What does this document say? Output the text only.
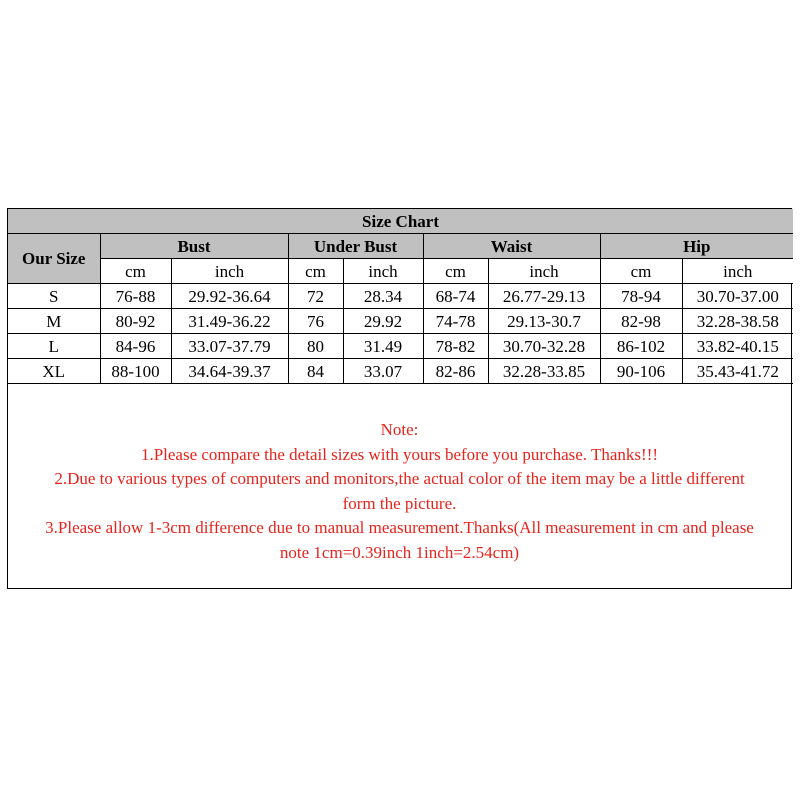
Size Chart								
Our Size	Bust		Under Bust		Waist		Hip	
	cm	inch	cm	inch	cm	inch	cm	inch
S	76-88	29.92-36.64	72	28.34	68-74	26.77-29.13	78-94	30.70-37.00
M	80-92	31.49-36.22	76	29.92	74-78	29.13-30.7	82-98	32.28-38.58
L	84-96	33.07-37.79	80	31.49	78-82	30.70-32.28	86-102	33.82-40.15
XL	88-100	34.64-39.37	84	33.07	82-86	32.28-33.85	90-106	35.43-41.72
Note:
1.Please compare the detail sizes with yours before you purchase. Thanks!!!
2.Due to various types of computers and monitors,the actual color of the item may be a little different
form the picture.
3.Please allow 1-3cm difference due to manual measurement.Thanks(All measurement in cm and please
note 1cm=0.39inch 1inch=2.54cm)
